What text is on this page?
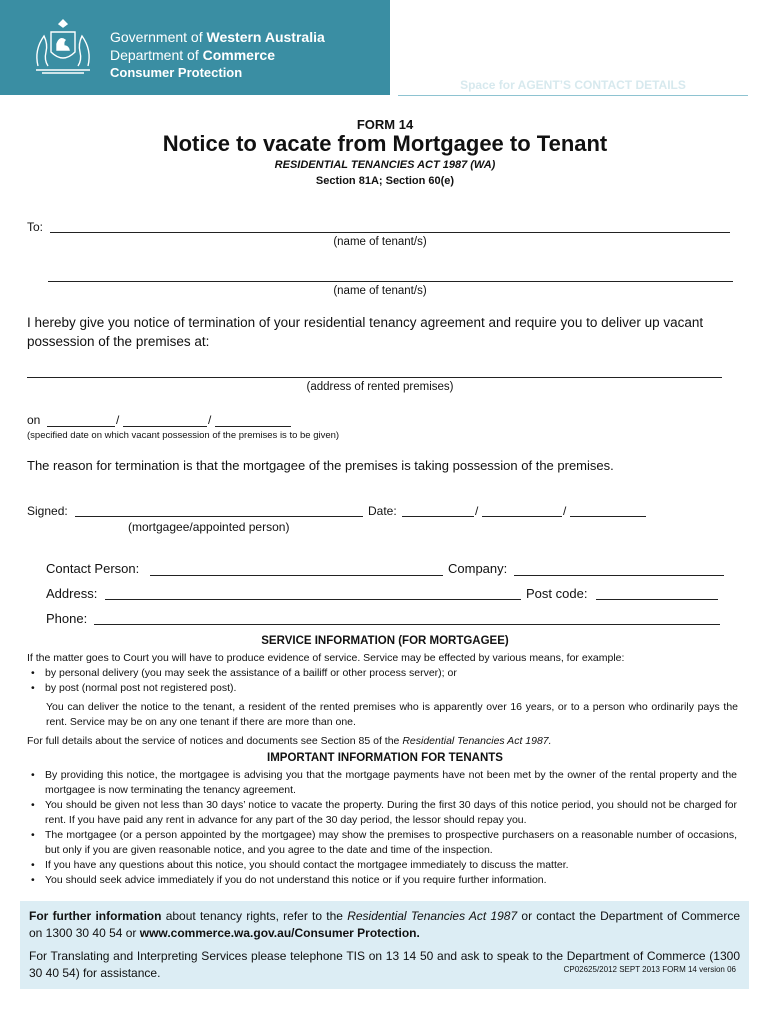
Government of Western Australia
Department of Commerce
Consumer Protection
Space for AGENT’S CONTACT DETAILS
FORM 14
Notice to vacate from Mortgagee to Tenant
RESIDENTIAL TENANCIES ACT 1987 (WA)
Section 81A; Section 60(e)
To:
(name of tenant/s)
(name of tenant/s)
I hereby give you notice of termination of your residential tenancy agreement and require you to deliver up vacant possession of the premises at:
(address of rented premises)
on	/	/
(specified date on which vacant possession of the premises is to be given)
The reason for termination is that the mortgagee of the premises is taking possession of the premises.
Signed:	Date:	/	/
(mortgagee/appointed person)
Contact Person:	Company:
Address:	Post code:
Phone:
SERVICE INFORMATION (FOR MORTGAGEE)
If the matter goes to Court you will have to produce evidence of service. Service may be effected by various means, for example:
• by personal delivery (you may seek the assistance of a bailiff or other process server); or
• by post (normal post not registered post).
You can deliver the notice to the tenant, a resident of the rented premises who is apparently over 16 years, or to a person who ordinarily pays the rent. Service may be on any one tenant if there are more than one.
For full details about the service of notices and documents see Section 85 of the Residential Tenancies Act 1987.
IMPORTANT INFORMATION FOR TENANTS
• By providing this notice, the mortgagee is advising you that the mortgage payments have not been met by the owner of the rental property and the mortgagee is now terminating the tenancy agreement.
• You should be given not less than 30 days’ notice to vacate the property. During the first 30 days of this notice period, you should not be charged for rent. If you have paid any rent in advance for any part of the 30 day period, the lessor should repay you.
• The mortgagee (or a person appointed by the mortgagee) may show the premises to prospective purchasers on a reasonable number of occasions, but only if you are given reasonable notice, and you agree to the date and time of the inspection.
• If you have any questions about this notice, you should contact the mortgagee immediately to discuss the matter.
• You should seek advice immediately if you do not understand this notice or if you require further information.

For further information about tenancy rights, refer to the Residential Tenancies Act 1987 or contact the Department of Commerce on 1300 30 40 54 or www.commerce.wa.gov.au/Consumer Protection.

For Translating and Interpreting Services please telephone TIS on 13 14 50 and ask to speak to the Department of Commerce (1300 30 40 54) for assistance.	CP02625/2012 SEPT 2013 FORM 14 version 06
